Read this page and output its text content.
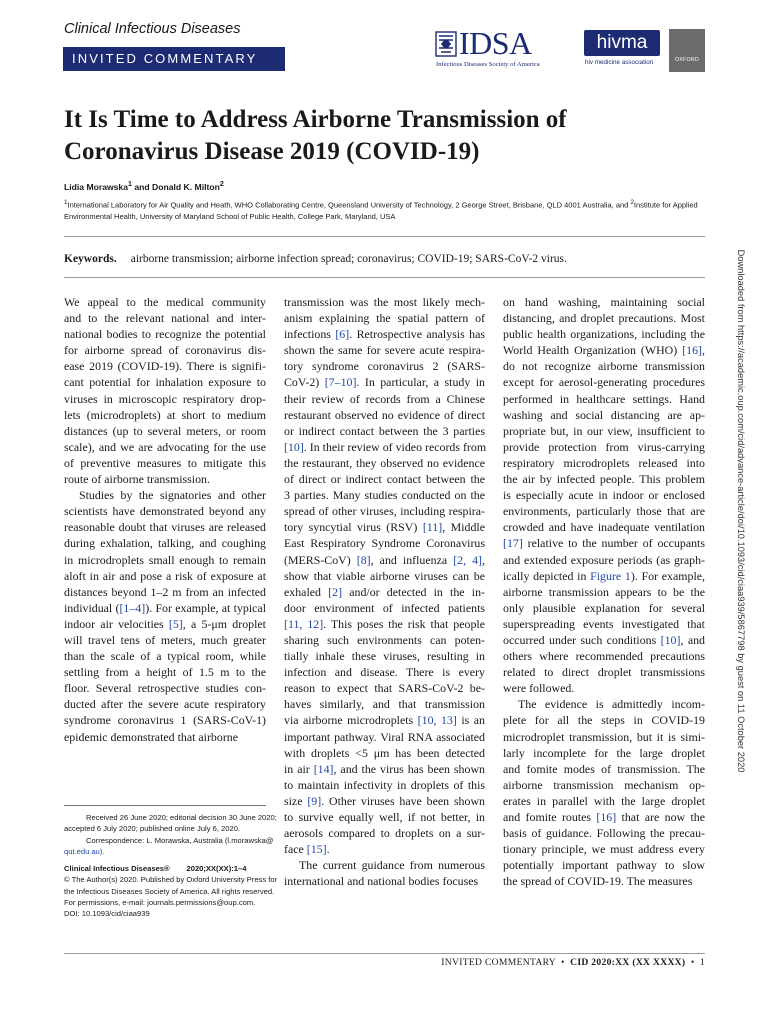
Clinical Infectious Diseases
INVITED COMMENTARY	IDSA
Infectious Diseases Society of America
hivma
hiv medicine association	OXFORD
It Is Time to Address Airborne Transmission of
Coronavirus Disease 2019 (COVID-19)
Lidia Morawska$^1$ and Donald K. Milton$^2$
$^1$International Laboratory for Air Quality and Heath, WHO Collaborating Centre, Queensland University of Technology, 2 George Street, Brisbane, QLD 4001 Australia, and $^2$Institute for Applied Environmental Health, University of Maryland School of Public Health, College Park, Maryland, USA
Keywords. airborne transmission; airborne infection spread; coronavirus; COVID-19; SARS-CoV-2 virus.
We appeal to the medical community
and to the relevant national and inter-
national bodies to recognize the potential
for airborne spread of coronavirus dis-
ease 2019 (COVID-19). There is signifi-
cant potential for inhalation exposure to
viruses in microscopic respiratory drop-
lets (microdroplets) at short to medium
distances (up to several meters, or room
scale), and we are advocating for the use
of preventive measures to mitigate this
route of airborne transmission.
Studies by the signatories and other
scientists have demonstrated beyond any
reasonable doubt that viruses are released
during exhalation, talking, and coughing
in microdroplets small enough to remain
aloft in air and pose a risk of exposure at
distances beyond 1–2 m from an infected
individual ([1–4]). For example, at typical
indoor air velocities [5], a 5-μm droplet
will travel tens of meters, much greater
than the scale of a typical room, while
settling from a height of 1.5 m to the
floor. Several retrospective studies con-
ducted after the severe acute respiratory
syndrome coronavirus 1 (SARS-CoV-1)
epidemic demonstrated that airborne
transmission was the most likely mech-
anism explaining the spatial pattern of
infections [6]. Retrospective analysis has
shown the same for severe acute respira-
tory syndrome coronavirus 2 (SARS-
CoV-2) [7–10]. In particular, a study in
their review of records from a Chinese
restaurant observed no evidence of direct
or indirect contact between the 3 parties
[10]. In their review of video records from
the restaurant, they observed no evidence
of direct or indirect contact between the
3 parties. Many studies conducted on the
spread of other viruses, including respira-
tory syncytial virus (RSV) [11], Middle
East Respiratory Syndrome Coronavirus
(MERS-CoV) [8], and influenza [2, 4],
show that viable airborne viruses can be
exhaled [2] and/or detected in the in-
door environment of infected patients
[11, 12]. This poses the risk that people
sharing such environments can poten-
tially inhale these viruses, resulting in
infection and disease. There is every
reason to expect that SARS-CoV-2 be-
haves similarly, and that transmission
via airborne microdroplets [10, 13] is an
important pathway. Viral RNA associated
with droplets <5 μm has been detected
in air [14], and the virus has been shown
to maintain infectivity in droplets of this
size [9]. Other viruses have been shown
to survive equally well, if not better, in
aerosols compared to droplets on a sur-
face [15].
The current guidance from numerous
international and national bodies focuses
on hand washing, maintaining social
distancing, and droplet precautions. Most
public health organizations, including the
World Health Organization (WHO) [16],
do not recognize airborne transmission
except for aerosol-generating procedures
performed in healthcare settings. Hand
washing and social distancing are ap-
propriate but, in our view, insufficient to
provide protection from virus-carrying
respiratory microdroplets released into
the air by infected people. This problem
is especially acute in indoor or enclosed
environments, particularly those that are
crowded and have inadequate ventilation
[17] relative to the number of occupants
and extended exposure periods (as graph-
ically depicted in Figure 1). For example,
airborne transmission appears to be the
only plausible explanation for several
superspreading events investigated that
occurred under such conditions [10], and
others where recommended precautions
related to direct droplet transmissions
were followed.
The evidence is admittedly incom-
plete for all the steps in COVID-19
microdroplet transmission, but it is simi-
larly incomplete for the large droplet
and fomite modes of transmission. The
airborne transmission mechanism op-
erates in parallel with the large droplet
and fomite routes [16] that are now the
basis of guidance. Following the precau-
tionary principle, we must address every
potentially important pathway to slow
the spread of COVID-19. The measures
Received 26 June 2020; editorial decision 30 June 2020;
accepted 6 July 2020; published online July 6, 2020.
Correspondence: L. Morawska, Australia (l.morawska@
qut.edu.au).
Clinical Infectious Diseases®        2020;XX(XX):1–4
© The Author(s) 2020. Published by Oxford University Press for
the Infectious Diseases Society of America. All rights reserved.
For permissions, e-mail: journals.permissions@oup.com.
DOI: 10.1093/cid/ciaa939
Downloaded from https://academic.oup.com/cid/advance-article/doi/10.1093/cid/ciaa939/5867798 by guest on 11 October 2020
INVITED COMMENTARY • CID 2020:XX (XX XXXX) • 1
